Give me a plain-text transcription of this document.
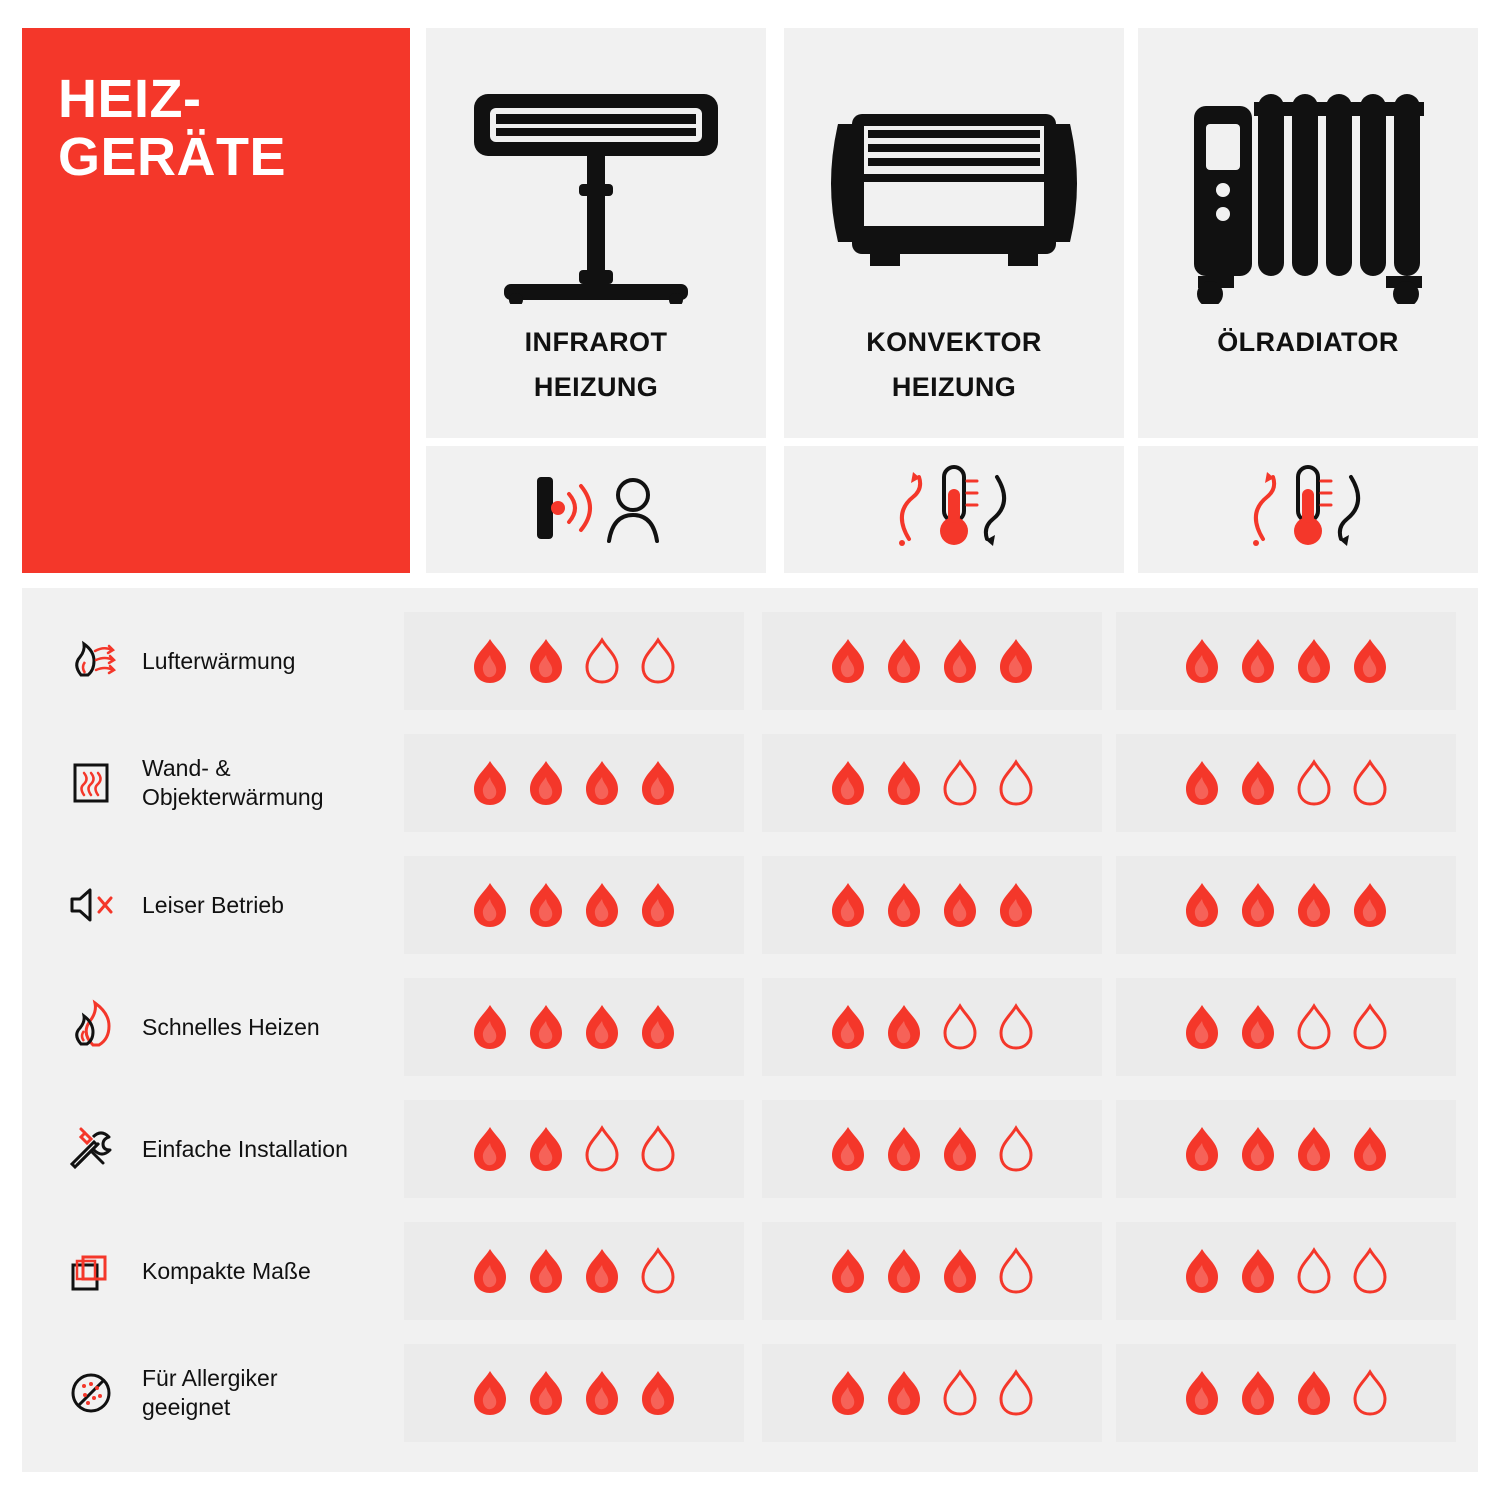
HEIZ-
GERÄTE
INFRAROT
HEIZUNG
KONVEKTOR
HEIZUNG
ÖLRADIATOR
Lufterwärmung
Wand- &
Objekterwärmung
Leiser Betrieb
Schnelles Heizen
Einfache Installation
Kompakte Maße
Für Allergiker
geeignet
